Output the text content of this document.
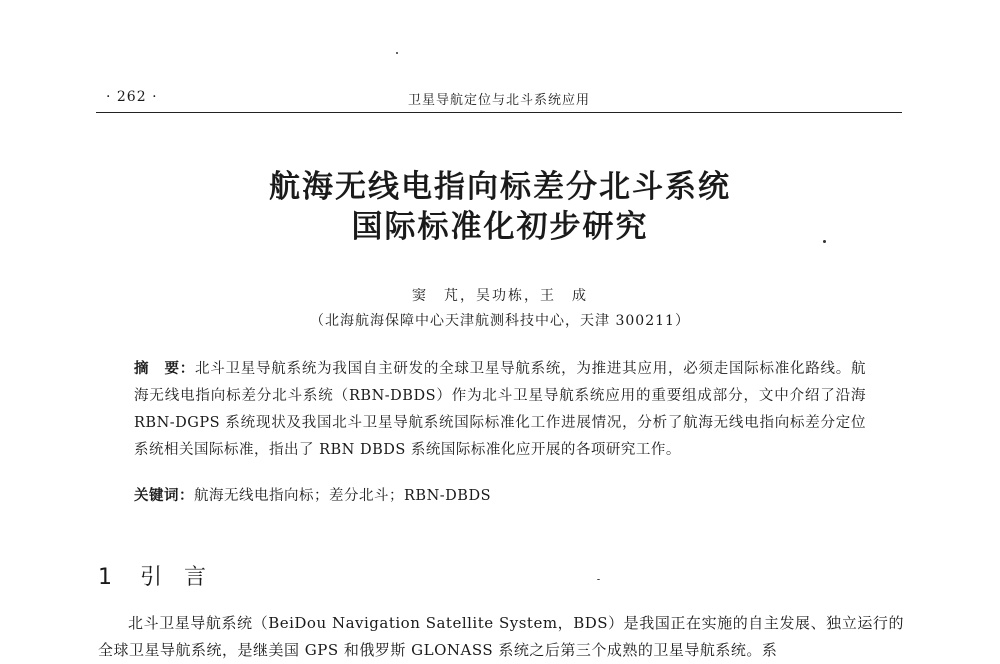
· 262 ·	卫星导航定位与北斗系统应用
航海无线电指向标差分北斗系统
国际标准化初步研究
窦　芃，吴功栋，王　成
（北海航海保障中心天津航测科技中心，天津 300211）
摘　要：北斗卫星导航系统为我国自主研发的全球卫星导航系统，为推进其应用，必须走国际标准化路线。航海无线电指向标差分北斗系统（RBN-DBDS）作为北斗卫星导航系统应用的重要组成部分，文中介绍了沿海 RBN-DGPS 系统现状及我国北斗卫星导航系统国际标准化工作进展情况，分析了航海无线电指向标差分定位系统相关国际标准，指出了 RBN DBDS 系统国际标准化应开展的各项研究工作。
关键词：航海无线电指向标；差分北斗；RBN-DBDS
1 引言
北斗卫星导航系统（BeiDou Navigation Satellite System，BDS）是我国正在实施的自主发展、独立运行的全球卫星导航系统，是继美国 GPS 和俄罗斯 GLONASS 系统之后第三个成熟的卫星导航系统。系
